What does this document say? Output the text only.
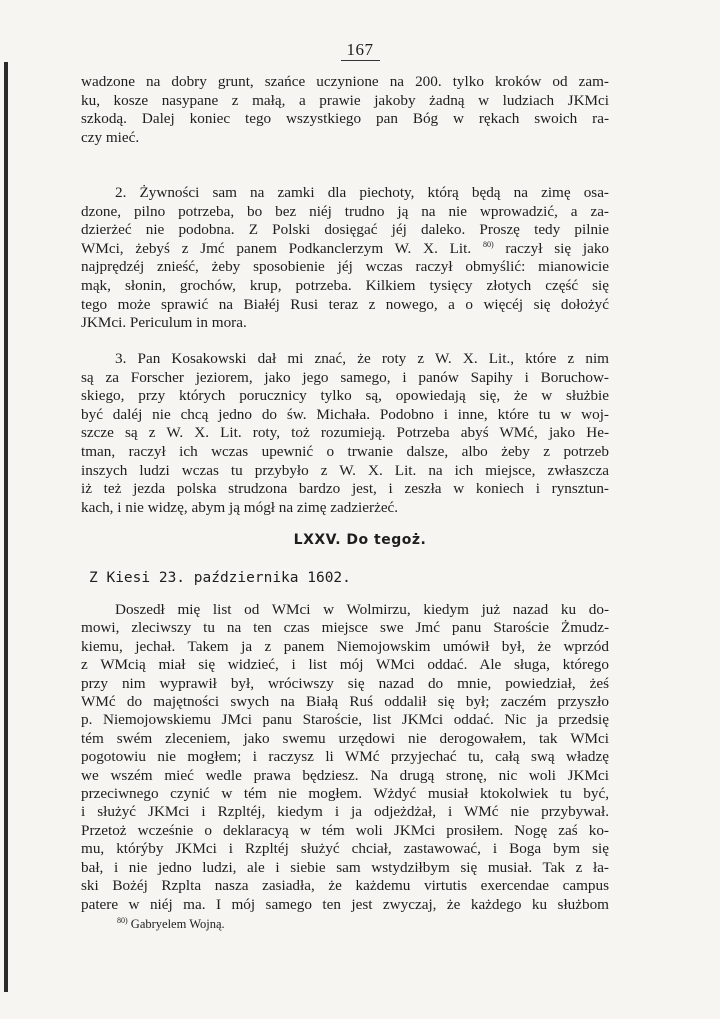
167
wadzone na dobry grunt, szańce uczynione na 200. tylko kroków od zam-
ku, kosze nasypane z małą, a prawie jakoby żadną w ludziach JKMci
szkodą. Dalej koniec tego wszystkiego pan Bóg w rękach swoich ra-
czy mieć.
2. Żywności sam na zamki dla piechoty, którą będą na zimę osa-
dzone, pilno potrzeba, bo bez niéj trudno ją na nie wprowadzić, a za-
dzierżeć nie podobna. Z Polski dosięgać jéj daleko. Proszę tedy pilnie
WMci, żebyś z Jmć panem Podkanclerzym W. X. Lit. $^{80)}$ raczył się jako
najprędzéj znieść, żeby sposobienie jéj wczas raczył obmyślić: mianowicie
mąk, słonin, grochów, krup, potrzeba. Kilkiem tysięcy złotych część się
tego może sprawić na Białéj Rusi teraz z nowego, a o więcéj się dołożyć
JKMci. Periculum in mora.
3. Pan Kosakowski dał mi znać, że roty z W. X. Lit., które z nim
są za Forscher jeziorem, jako jego samego, i panów Sapihy i Boruchow-
skiego, przy których porucznicy tylko są, opowiedają się, że w służbie
być daléj nie chcą jedno do św. Michała. Podobno i inne, które tu w woj-
szcze są z W. X. Lit. roty, toż rozumieją. Potrzeba abyś WMć, jako He-
tman, raczył ich wczas upewnić o trwanie dalsze, albo żeby z potrzeb
inszych ludzi wczas tu przybyło z W. X. Lit. na ich miejsce, zwłaszcza
iż też jezda polska strudzona bardzo jest, i zeszła w koniech i rynsztun-
kach, i nie widzę, abym ją mógł na zimę zadzierżeć.
LXXV. Do tegoż.
Z Kiesi 23. października 1602.
Doszedł mię list od WMci w Wolmirzu, kiedym już nazad ku do-
mowi, zleciwszy tu na ten czas miejsce swe Jmć panu Staroście Żmudz-
kiemu, jechał. Takem ja z panem Niemojowskim umówił był, że wprzód
z WMcią miał się widzieć, i list mój WMci oddać. Ale sługa, którego
przy nim wyprawił był, wróciwszy się nazad do mnie, powiedział, żeś
WMć do majętności swych na Białą Ruś oddalił się był; zaczém przyszło
p. Niemojowskiemu JMci panu Staroście, list JKMci oddać. Nic ja przedsię
tém swém zleceniem, jako swemu urzędowi nie derogowałem, tak WMci
pogotowiu nie mogłem; i raczysz li WMć przyjechać tu, całą swą władzę
we wszém mieć wedle prawa będziesz. Na drugą stronę, nic woli JKMci
przeciwnego czynić w tém nie mogłem. Wżdyć musiał ktokolwiek tu być,
i służyć JKMci i Rzpltéj, kiedym i ja odjeżdżał, i WMć nie przybywał.
Przetoż wcześnie o deklaracyą w tém woli JKMci prosiłem. Nogę zaś ko-
mu, którýby JKMci i Rzpltéj służyć chciał, zastawować, i Boga bym się
bał, i nie jedno ludzi, ale i siebie sam wstydziłbym się musiał. Tak z ła-
ski Bożéj Rzplta nasza zasiadła, że każdemu virtutis exercendae campus
patere w niéj ma. I mój samego ten jest zwyczaj, że każdego ku służbom
$^{80)}$ Gabryelem Wojną.
